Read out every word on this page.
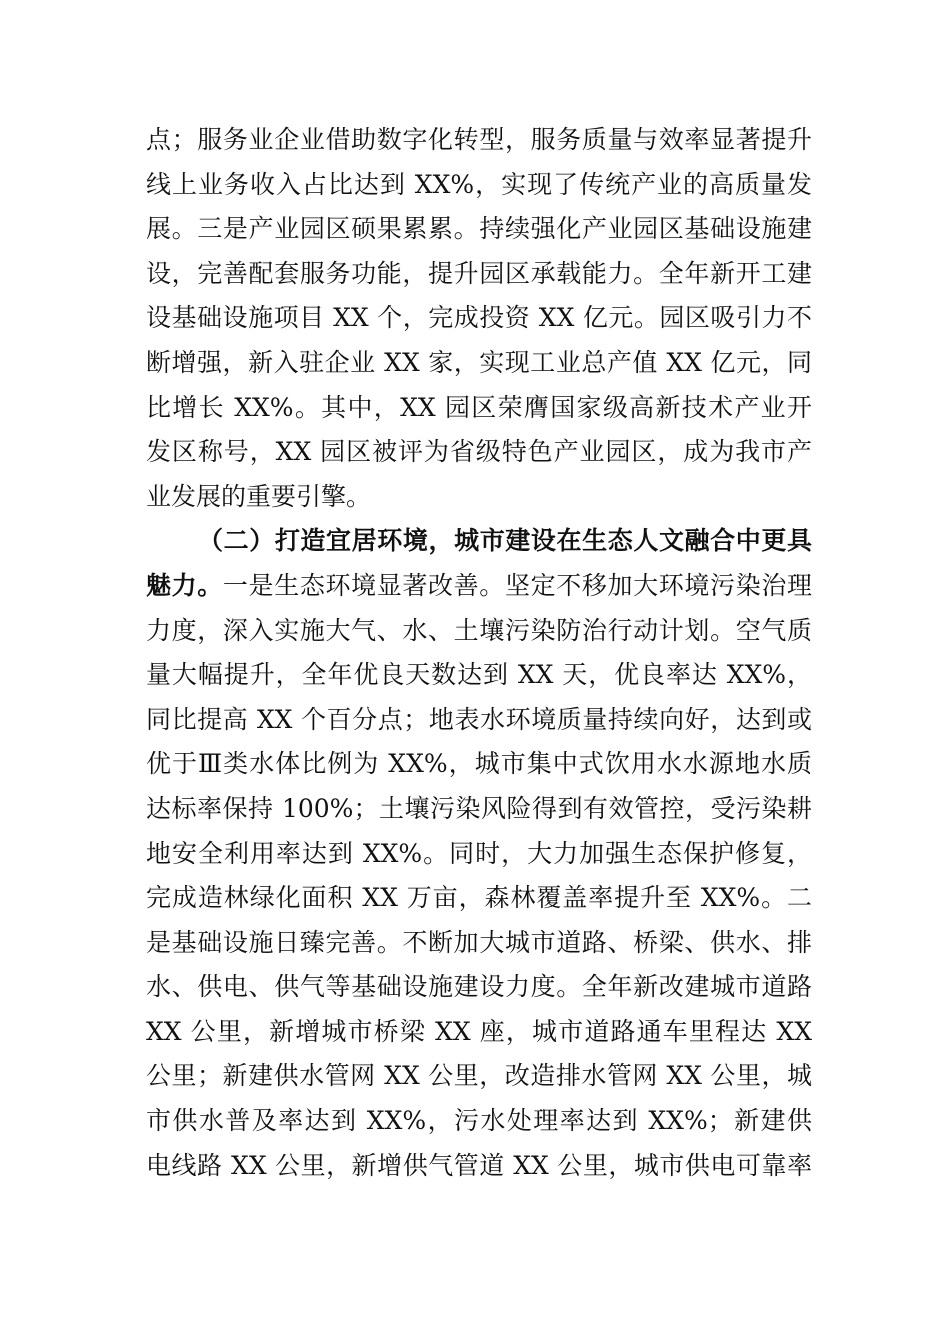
点；服务业企业借助数字化转型，服务质量与效率显著提升
线上业务收入占比达到 XX%，实现了传统产业的高质量发
展。三是产业园区硕果累累。持续强化产业园区基础设施建
设，完善配套服务功能，提升园区承载能力。全年新开工建
设基础设施项目 XX 个，完成投资 XX 亿元。园区吸引力不
断增强，新入驻企业 XX 家，实现工业总产值 XX 亿元，同
比增长 XX%。其中，XX 园区荣膺国家级高新技术产业开
发区称号，XX 园区被评为省级特色产业园区，成为我市产
业发展的重要引擎。
（二）打造宜居环境，城市建设在生态人文融合中更具
魅力。一是生态环境显著改善。坚定不移加大环境污染治理
力度，深入实施大气、水、土壤污染防治行动计划。空气质
量大幅提升，全年优良天数达到 XX 天，优良率达 XX%，
同比提高 XX 个百分点；地表水环境质量持续向好，达到或
优于Ⅲ类水体比例为 XX%，城市集中式饮用水水源地水质
达标率保持 100%；土壤污染风险得到有效管控，受污染耕
地安全利用率达到 XX%。同时，大力加强生态保护修复，
完成造林绿化面积 XX 万亩，森林覆盖率提升至 XX%。二
是基础设施日臻完善。不断加大城市道路、桥梁、供水、排
水、供电、供气等基础设施建设力度。全年新改建城市道路
XX 公里，新增城市桥梁 XX 座，城市道路通车里程达 XX
公里；新建供水管网 XX 公里，改造排水管网 XX 公里，城
市供水普及率达到 XX%，污水处理率达到 XX%；新建供
电线路 XX 公里，新增供气管道 XX 公里，城市供电可靠率
